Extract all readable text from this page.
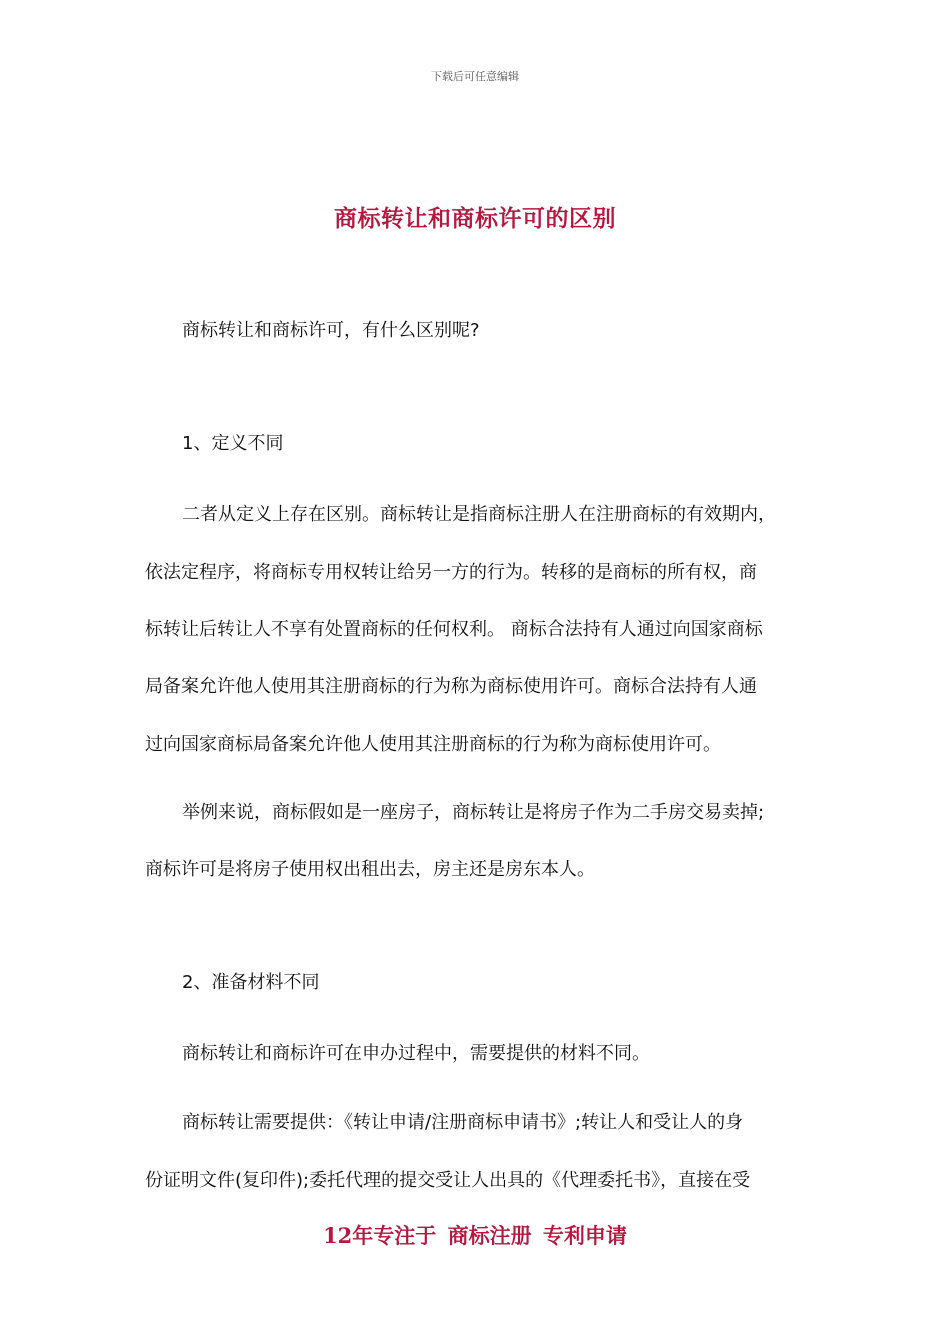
下载后可任意编辑
商标转让和商标许可的区别
商标转让和商标许可，有什么区别呢?
1、定义不同
二者从定义上存在区别。商标转让是指商标注册人在注册商标的有效期内，
依法定程序，将商标专用权转让给另一方的行为。转移的是商标的所有权，商
标转让后转让人不享有处置商标的任何权利。 商标合法持有人通过向国家商标
局备案允许他人使用其注册商标的行为称为商标使用许可。商标合法持有人通
过向国家商标局备案允许他人使用其注册商标的行为称为商标使用许可。
举例来说，商标假如是一座房子，商标转让是将房子作为二手房交易卖掉;
商标许可是将房子使用权出租出去，房主还是房东本人。
2、准备材料不同
商标转让和商标许可在申办过程中，需要提供的材料不同。
商标转让需要提供：《转让申请/注册商标申请书》;转让人和受让人的身
份证明文件(复印件);委托代理的提交受让人出具的《代理委托书》，直接在受
12年专注于 商标注册 专利申请
